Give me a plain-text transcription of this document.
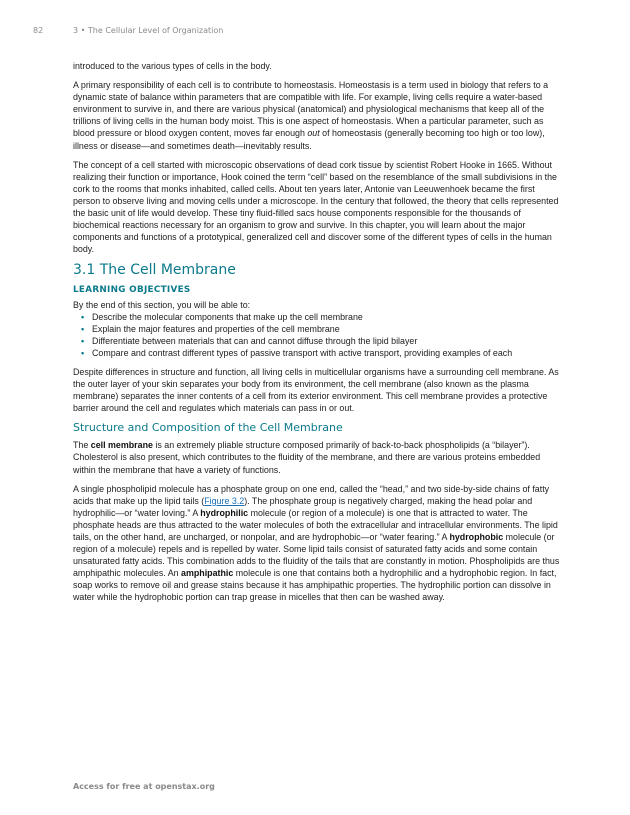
82	3 • The Cellular Level of Organization

introduced to the various types of cells in the body.

A primary responsibility of each cell is to contribute to homeostasis. Homeostasis is a term used in biology that refers to a dynamic state of balance within parameters that are compatible with life. For example, living cells require a water-based environment to survive in, and there are various physical (anatomical) and physiological mechanisms that keep all of the trillions of living cells in the human body moist. This is one aspect of homeostasis. When a particular parameter, such as blood pressure or blood oxygen content, moves far enough out of homeostasis (generally becoming too high or too low), illness or disease—and sometimes death—inevitably results.

The concept of a cell started with microscopic observations of dead cork tissue by scientist Robert Hooke in 1665. Without realizing their function or importance, Hook coined the term “cell” based on the resemblance of the small subdivisions in the cork to the rooms that monks inhabited, called cells. About ten years later, Antonie van Leeuwenhoek became the first person to observe living and moving cells under a microscope. In the century that followed, the theory that cells represented the basic unit of life would develop. These tiny fluid-filled sacs house components responsible for the thousands of biochemical reactions necessary for an organism to grow and survive. In this chapter, you will learn about the major components and functions of a prototypical, generalized cell and discover some of the different types of cells in the human body.

3.1 The Cell Membrane
LEARNING OBJECTIVES
By the end of this section, you will be able to:
• Describe the molecular components that make up the cell membrane
• Explain the major features and properties of the cell membrane
• Differentiate between materials that can and cannot diffuse through the lipid bilayer
• Compare and contrast different types of passive transport with active transport, providing examples of each

Despite differences in structure and function, all living cells in multicellular organisms have a surrounding cell membrane. As the outer layer of your skin separates your body from its environment, the cell membrane (also known as the plasma membrane) separates the inner contents of a cell from its exterior environment. This cell membrane provides a protective barrier around the cell and regulates which materials can pass in or out.

Structure and Composition of the Cell Membrane

The cell membrane is an extremely pliable structure composed primarily of back-to-back phospholipids (a “bilayer”). Cholesterol is also present, which contributes to the fluidity of the membrane, and there are various proteins embedded within the membrane that have a variety of functions.

A single phospholipid molecule has a phosphate group on one end, called the “head,” and two side-by-side chains of fatty acids that make up the lipid tails (Figure 3.2). The phosphate group is negatively charged, making the head polar and hydrophilic—or “water loving.” A hydrophilic molecule (or region of a molecule) is one that is attracted to water. The phosphate heads are thus attracted to the water molecules of both the extracellular and intracellular environments. The lipid tails, on the other hand, are uncharged, or nonpolar, and are hydrophobic—or “water fearing.” A hydrophobic molecule (or region of a molecule) repels and is repelled by water. Some lipid tails consist of saturated fatty acids and some contain unsaturated fatty acids. This combination adds to the fluidity of the tails that are constantly in motion. Phospholipids are thus amphipathic molecules. An amphipathic molecule is one that contains both a hydrophilic and a hydrophobic region. In fact, soap works to remove oil and grease stains because it has amphipathic properties. The hydrophilic portion can dissolve in water while the hydrophobic portion can trap grease in micelles that then can be washed away.

Access for free at openstax.org
